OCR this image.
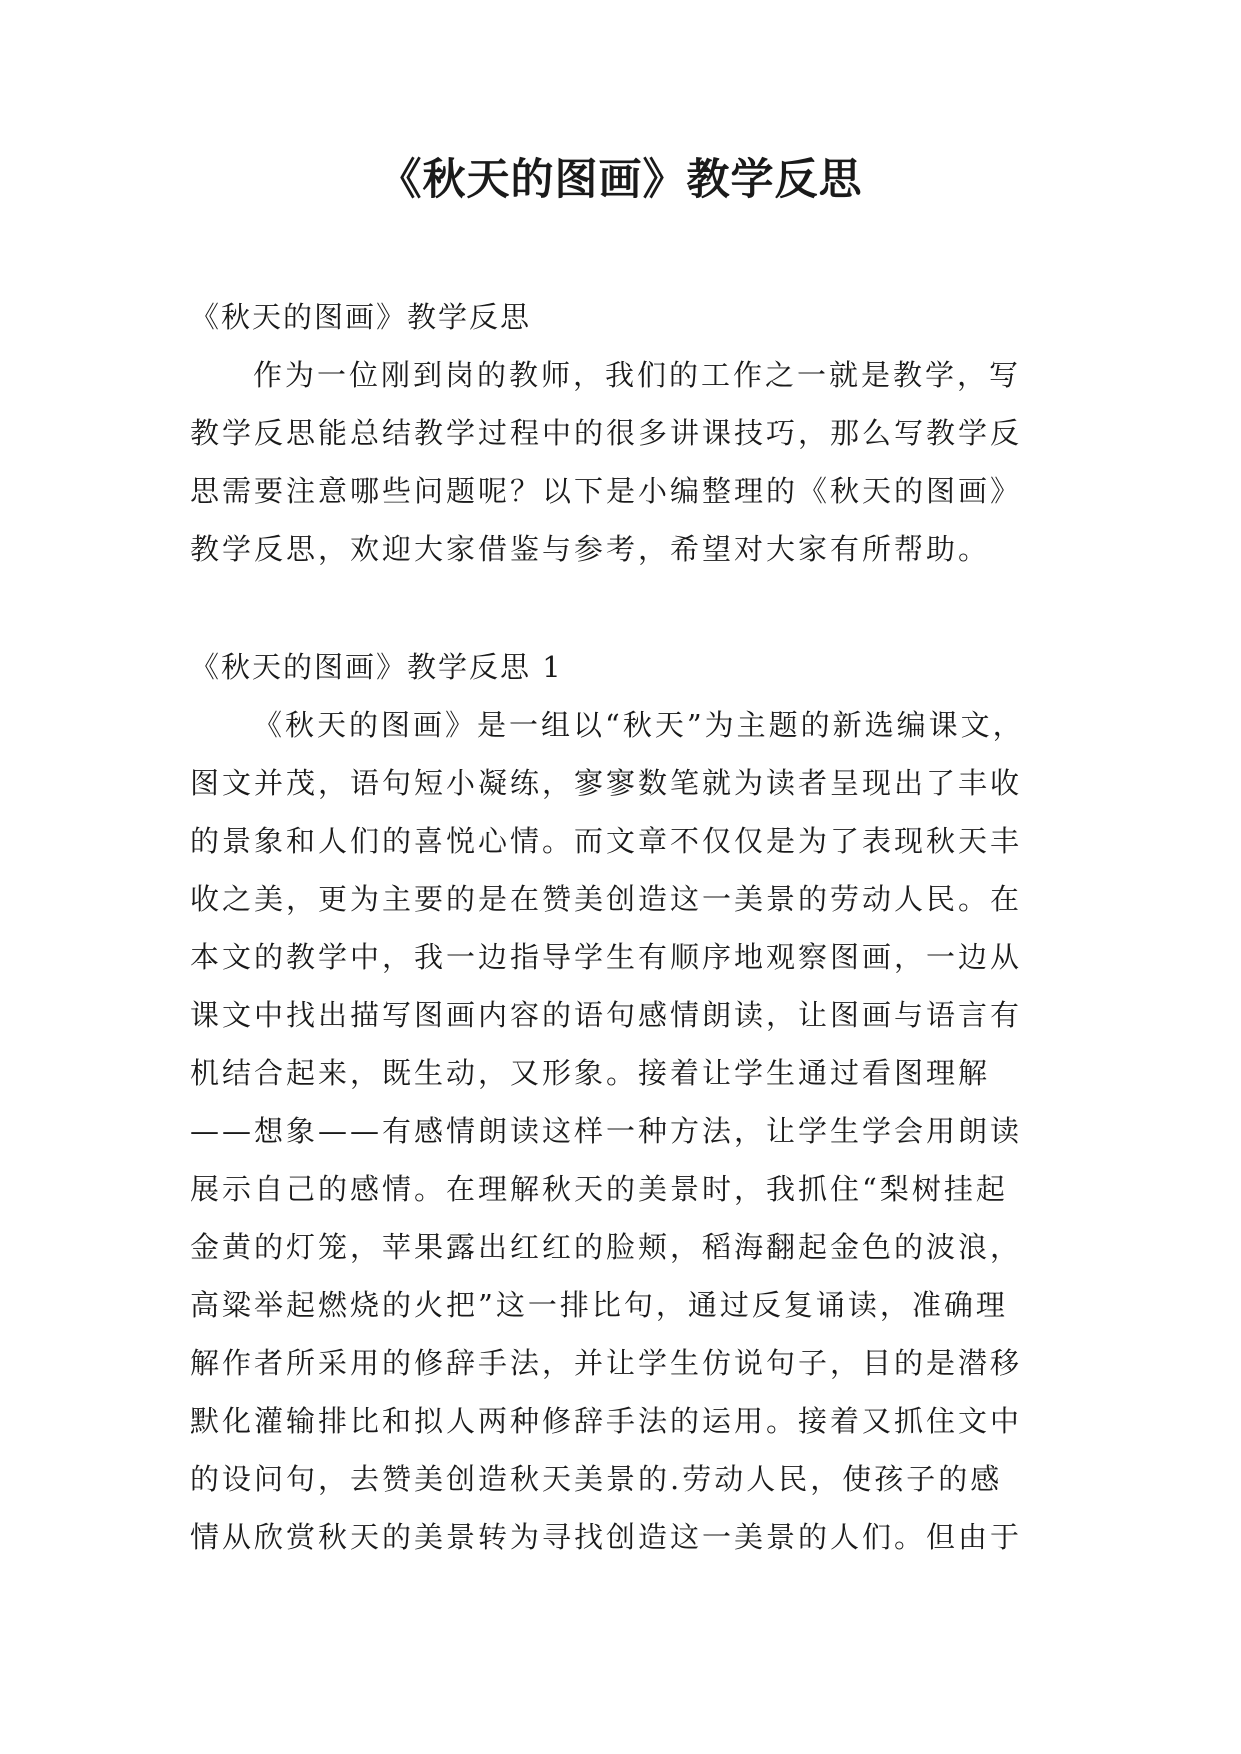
《秋天的图画》教学反思
《秋天的图画》教学反思
作为一位刚到岗的教师，我们的工作之一就是教学，写
教学反思能总结教学过程中的很多讲课技巧，那么写教学反
思需要注意哪些问题呢？以下是小编整理的《秋天的图画》
教学反思，欢迎大家借鉴与参考，希望对大家有所帮助。
《秋天的图画》教学反思 1
《秋天的图画》是一组以“秋天”为主题的新选编课文，
图文并茂，语句短小凝练，寥寥数笔就为读者呈现出了丰收
的景象和人们的喜悦心情。而文章不仅仅是为了表现秋天丰
收之美，更为主要的是在赞美创造这一美景的劳动人民。在
本文的教学中，我一边指导学生有顺序地观察图画，一边从
课文中找出描写图画内容的语句感情朗读，让图画与语言有
机结合起来，既生动，又形象。接着让学生通过看图理解
——想象——有感情朗读这样一种方法，让学生学会用朗读
展示自己的感情。在理解秋天的美景时，我抓住“梨树挂起
金黄的灯笼，苹果露出红红的脸颊，稻海翻起金色的波浪，
高粱举起燃烧的火把”这一排比句，通过反复诵读，准确理
解作者所采用的修辞手法，并让学生仿说句子，目的是潜移
默化灌输排比和拟人两种修辞手法的运用。接着又抓住文中
的设问句，去赞美创造秋天美景的.劳动人民，使孩子的感
情从欣赏秋天的美景转为寻找创造这一美景的人们。但由于
